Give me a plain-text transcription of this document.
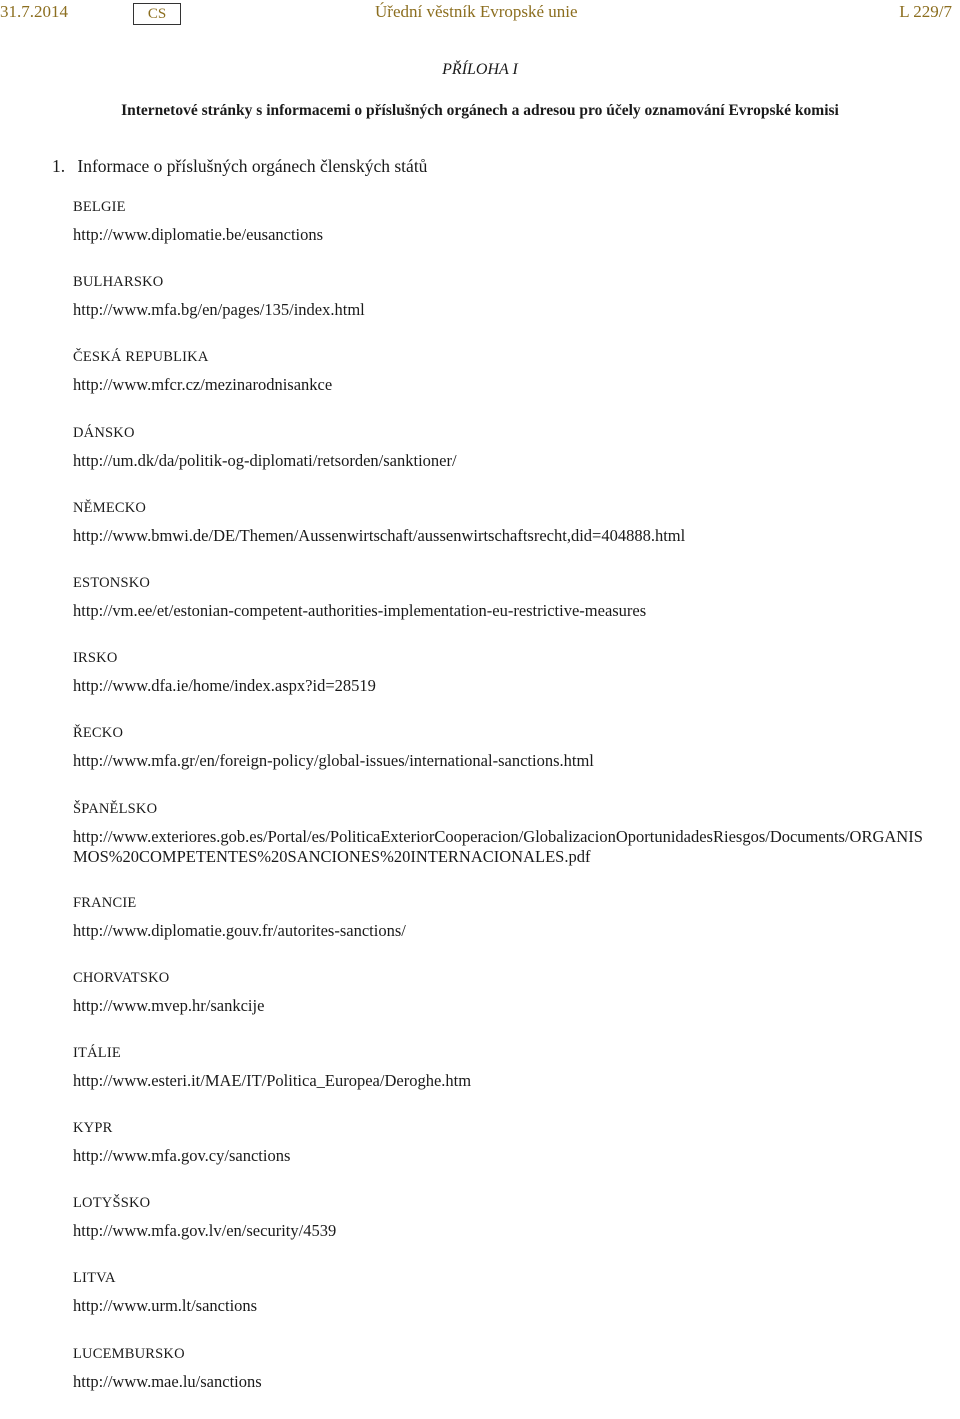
31.7.2014	CS	Úřední věstník Evropské unie	L 229/7
PŘÍLOHA I
Internetové stránky s informacemi o příslušných orgánech a adresou pro účely oznamování Evropské komisi
1. Informace o příslušných orgánech členských států
BELGIE
http://www.diplomatie.be/eusanctions
BULHARSKO
http://www.mfa.bg/en/pages/135/index.html
ČESKÁ REPUBLIKA
http://www.mfcr.cz/mezinarodnisankce
DÁNSKO
http://um.dk/da/politik-og-diplomati/retsorden/sanktioner/
NĚMECKO
http://www.bmwi.de/DE/Themen/Aussenwirtschaft/aussenwirtschaftsrecht,did=404888.html
ESTONSKO
http://vm.ee/et/estonian-competent-authorities-implementation-eu-restrictive-measures
IRSKO
http://www.dfa.ie/home/index.aspx?id=28519
ŘECKO
http://www.mfa.gr/en/foreign-policy/global-issues/international-sanctions.html
ŠPANĚLSKO
http://www.exteriores.gob.es/Portal/es/PoliticaExteriorCooperacion/GlobalizacionOportunidadesRiesgos/Documents/ORGANISMOS%20COMPETENTES%20SANCIONES%20INTERNACIONALES.pdf
FRANCIE
http://www.diplomatie.gouv.fr/autorites-sanctions/
CHORVATSKO
http://www.mvep.hr/sankcije
ITÁLIE
http://www.esteri.it/MAE/IT/Politica_Europea/Deroghe.htm
KYPR
http://www.mfa.gov.cy/sanctions
LOTYŠSKO
http://www.mfa.gov.lv/en/security/4539
LITVA
http://www.urm.lt/sanctions
LUCEMBURSKO
http://www.mae.lu/sanctions
